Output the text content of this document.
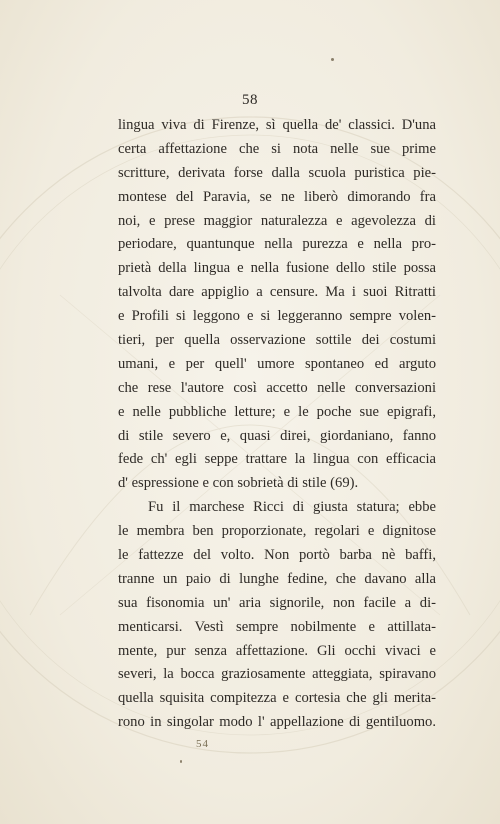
58
lingua viva di Firenze, sì quella de' classici. D'una
certa affettazione che si nota nelle sue prime
scritture, derivata forse dalla scuola puristica pie-
montese del Paravia, se ne liberò dimorando fra
noi, e prese maggior naturalezza e agevolezza di
periodare, quantunque nella purezza e nella pro-
prietà della lingua e nella fusione dello stile possa
talvolta dare appiglio a censure. Ma i suoi Ritratti
e Profili si leggono e si leggeranno sempre volen-
tieri, per quella osservazione sottile dei costumi
umani, e per quell' umore spontaneo ed arguto
che rese l'autore così accetto nelle conversazioni
e nelle pubbliche letture; e le poche sue epigrafi,
di stile severo e, quasi direi, giordaniano, fanno
fede ch' egli seppe trattare la lingua con efficacia
d' espressione e con sobrietà di stile (69).
Fu il marchese Ricci di giusta statura; ebbe
le membra ben proporzionate, regolari e dignitose
le fattezze del volto. Non portò barba nè baffi,
tranne un paio di lunghe fedine, che davano alla
sua fisonomia un' aria signorile, non facile a di-
menticarsi. Vestì sempre nobilmente e attillata-
mente, pur senza affettazione. Gli occhi vivaci e
severi, la bocca graziosamente atteggiata, spiravano
quella squisita compitezza e cortesia che gli merita-
rono in singolar modo l' appellazione di gentiluomo.
54
